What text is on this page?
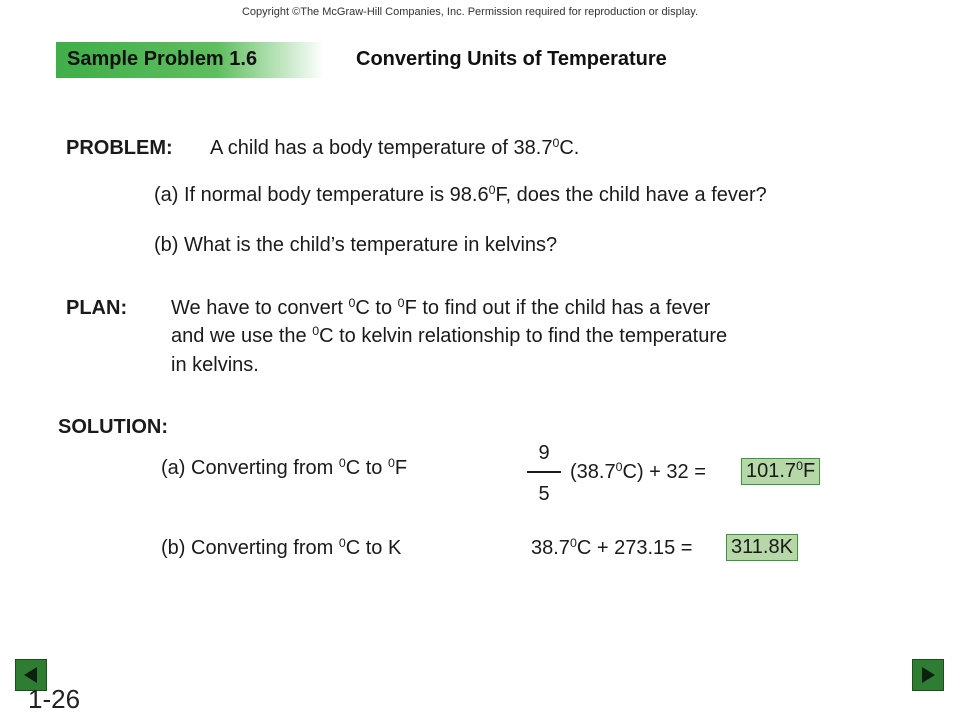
Copyright ©The McGraw-Hill Companies, Inc. Permission required for reproduction or display.
Sample Problem 1.6	Converting Units of Temperature
PROBLEM: A child has a body temperature of 38.7$^0$C.
(a) If normal body temperature is 98.6$^0$F, does the child have a fever?
(b) What is the child’s temperature in kelvins?
PLAN: We have to convert $^0$C to $^0$F to find out if the child has a fever
and we use the $^0$C to kelvin relationship to find the temperature
in kelvins.
SOLUTION:
(a) Converting from $^0$C to $^0$F
9
5
$(38.7^0C) + 32 = 101.7^0F$
(b) Converting from $^0$C to K	$38.7^0C + 273.15 = 311.8K$
1-26
